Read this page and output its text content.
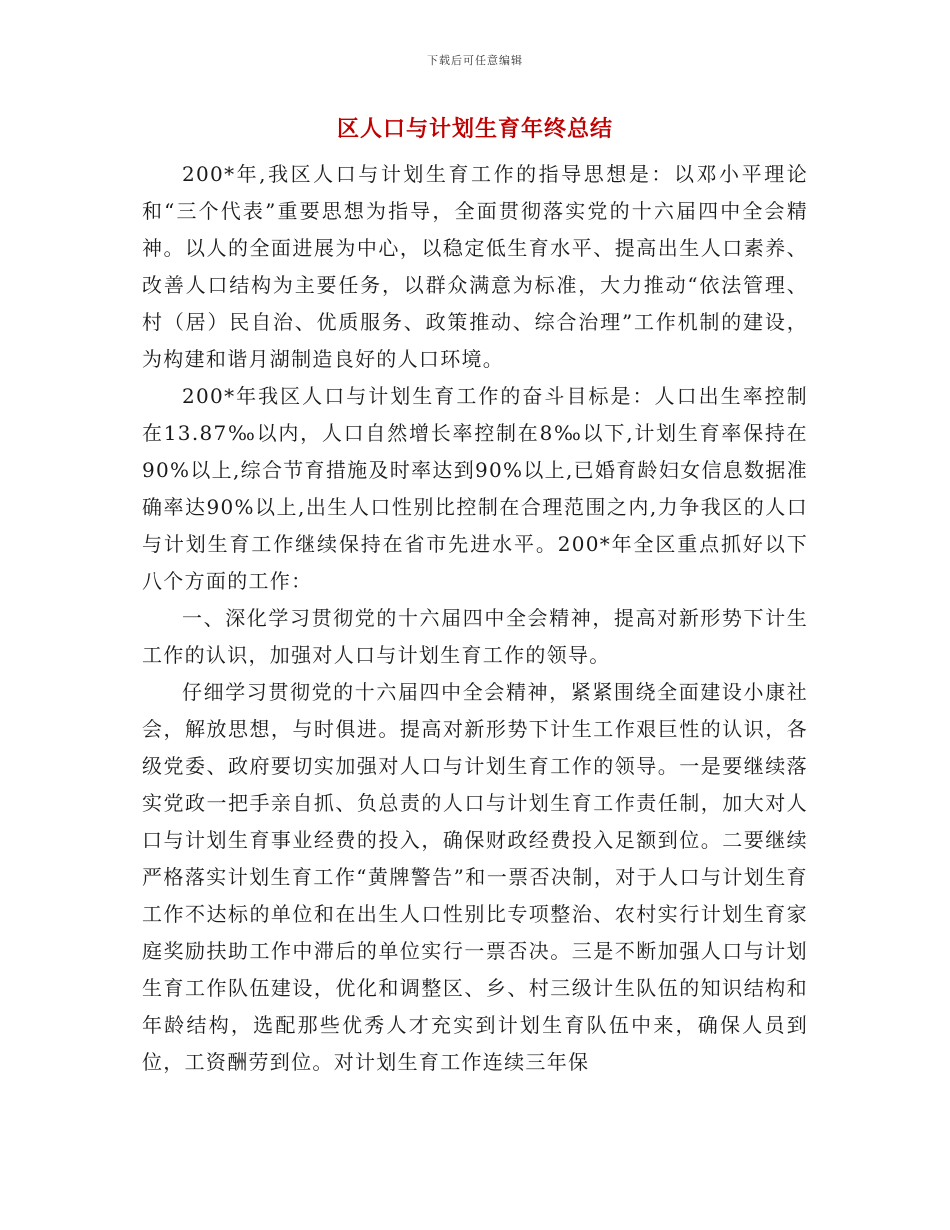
下载后可任意编辑
区人口与计划生育年终总结

200*年,我区人口与计划生育工作的指导思想是：以邓小平理论和“三个代表”重要思想为指导，全面贯彻落实党的十六届四中全会精神。以人的全面进展为中心，以稳定低生育水平、提高出生人口素养、改善人口结构为主要任务，以群众满意为标准，大力推动“依法管理、村（居）民自治、优质服务、政策推动、综合治理”工作机制的建设，为构建和谐月湖制造良好的人口环境。

200*年我区人口与计划生育工作的奋斗目标是：人口出生率控制在13.87‰以内，人口自然增长率控制在8‰以下,计划生育率保持在90%以上,综合节育措施及时率达到90%以上,已婚育龄妇女信息数据准确率达90%以上,出生人口性别比控制在合理范围之内,力争我区的人口与计划生育工作继续保持在省市先进水平。200*年全区重点抓好以下八个方面的工作：

一、深化学习贯彻党的十六届四中全会精神，提高对新形势下计生工作的认识，加强对人口与计划生育工作的领导。

仔细学习贯彻党的十六届四中全会精神，紧紧围绕全面建设小康社会，解放思想，与时俱进。提高对新形势下计生工作艰巨性的认识，各级党委、政府要切实加强对人口与计划生育工作的领导。一是要继续落实党政一把手亲自抓、负总责的人口与计划生育工作责任制，加大对人口与计划生育事业经费的投入，确保财政经费投入足额到位。二要继续严格落实计划生育工作“黄牌警告”和一票否决制，对于人口与计划生育工作不达标的单位和在出生人口性别比专项整治、农村实行计划生育家庭奖励扶助工作中滞后的单位实行一票否决。三是不断加强人口与计划生育工作队伍建设，优化和调整区、乡、村三级计生队伍的知识结构和年龄结构，选配那些优秀人才充实到计划生育队伍中来，确保人员到位，工资酬劳到位。对计划生育工作连续三年保
